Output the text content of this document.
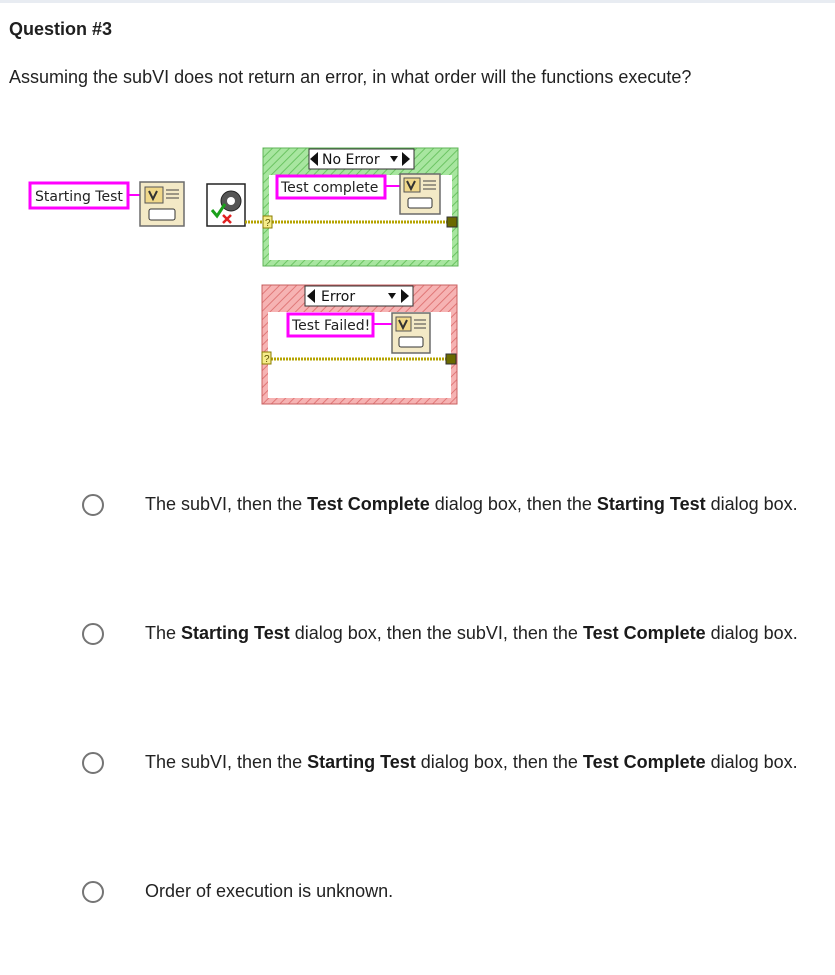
Question #3
Assuming the subVI does not return an error, in what order will the functions execute?
Starting Test
No Error
Test complete
?
Error
Test Failed!
?
The subVI, then the Test Complete dialog box, then the Starting Test dialog box.
The Starting Test dialog box, then the subVI, then the Test Complete dialog box.
The subVI, then the Starting Test dialog box, then the Test Complete dialog box.
Order of execution is unknown.
